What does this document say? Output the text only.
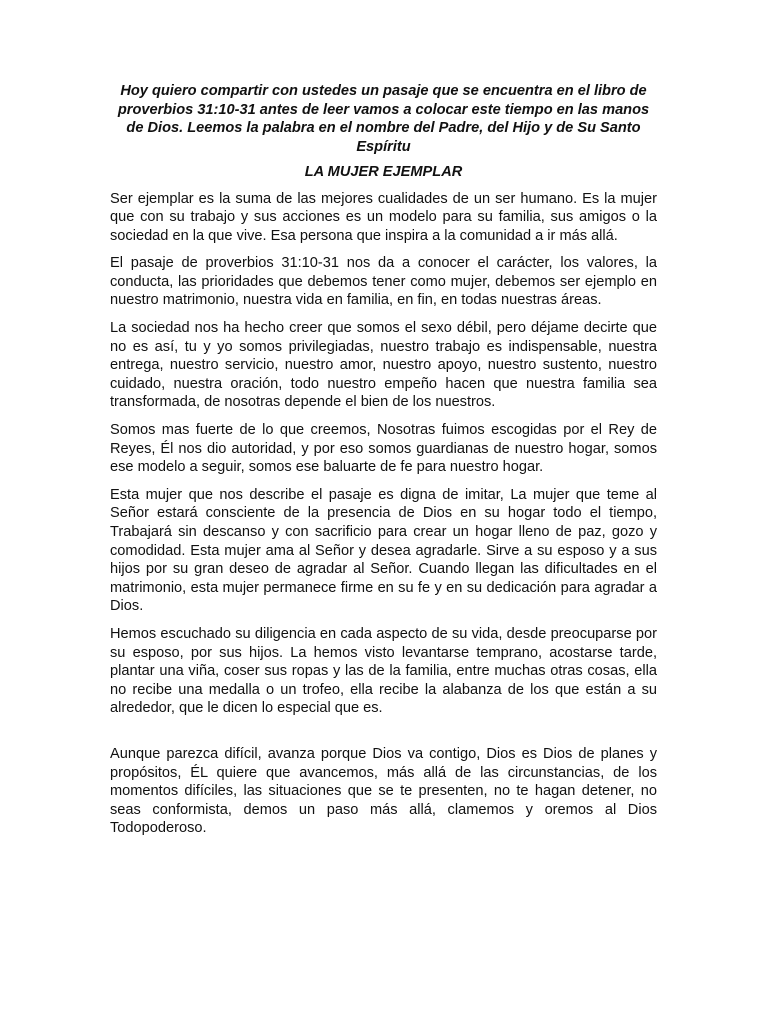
Hoy quiero compartir con ustedes un pasaje que se encuentra en el libro de proverbios 31:10-31 antes de leer vamos a colocar este tiempo en las manos de Dios. Leemos la palabra en el nombre del Padre, del Hijo y de Su Santo Espíritu

LA MUJER EJEMPLAR

Ser ejemplar es la suma de las mejores cualidades de un ser humano. Es la mujer que con su trabajo y sus acciones es un modelo para su familia, sus amigos o la sociedad en la que vive. Esa persona que inspira a la comunidad a ir más allá.

El pasaje de proverbios 31:10-31 nos da a conocer el carácter, los valores, la conducta, las prioridades que debemos tener como mujer, debemos ser ejemplo en nuestro matrimonio, nuestra vida en familia, en fin, en todas nuestras áreas.

La sociedad nos ha hecho creer que somos el sexo débil, pero déjame decirte que no es así, tu y yo somos privilegiadas, nuestro trabajo es indispensable, nuestra entrega, nuestro servicio, nuestro amor, nuestro apoyo, nuestro sustento, nuestro cuidado, nuestra oración, todo nuestro empeño hacen que nuestra familia sea transformada, de nosotras depende el bien de los nuestros.

Somos mas fuerte de lo que creemos, Nosotras fuimos escogidas por el Rey de Reyes, Él nos dio autoridad, y por eso somos guardianas de nuestro hogar, somos ese modelo a seguir, somos ese baluarte de fe para nuestro hogar.

Esta mujer que nos describe el pasaje es digna de imitar, La mujer que teme al Señor estará consciente de la presencia de Dios en su hogar todo el tiempo, Trabajará sin descanso y con sacrificio para crear un hogar lleno de paz, gozo y comodidad. Esta mujer ama al Señor y desea agradarle. Sirve a su esposo y a sus hijos por su gran deseo de agradar al Señor. Cuando llegan las dificultades en el matrimonio, esta mujer permanece firme en su fe y en su dedicación para agradar a Dios.

Hemos escuchado su diligencia en cada aspecto de su vida, desde preocuparse por su esposo, por sus hijos. La hemos visto levantarse temprano, acostarse tarde, plantar una viña, coser sus ropas y las de la familia, entre muchas otras cosas, ella no recibe una medalla o un trofeo, ella recibe la alabanza de los que están a su alrededor, que le dicen lo especial que es.

Aunque parezca difícil, avanza porque Dios va contigo, Dios es Dios de planes y propósitos, ÉL quiere que avancemos, más allá de las circunstancias, de los momentos difíciles, las situaciones que se te presenten, no te hagan detener, no seas conformista, demos un paso más allá, clamemos y oremos al Dios Todopoderoso.
